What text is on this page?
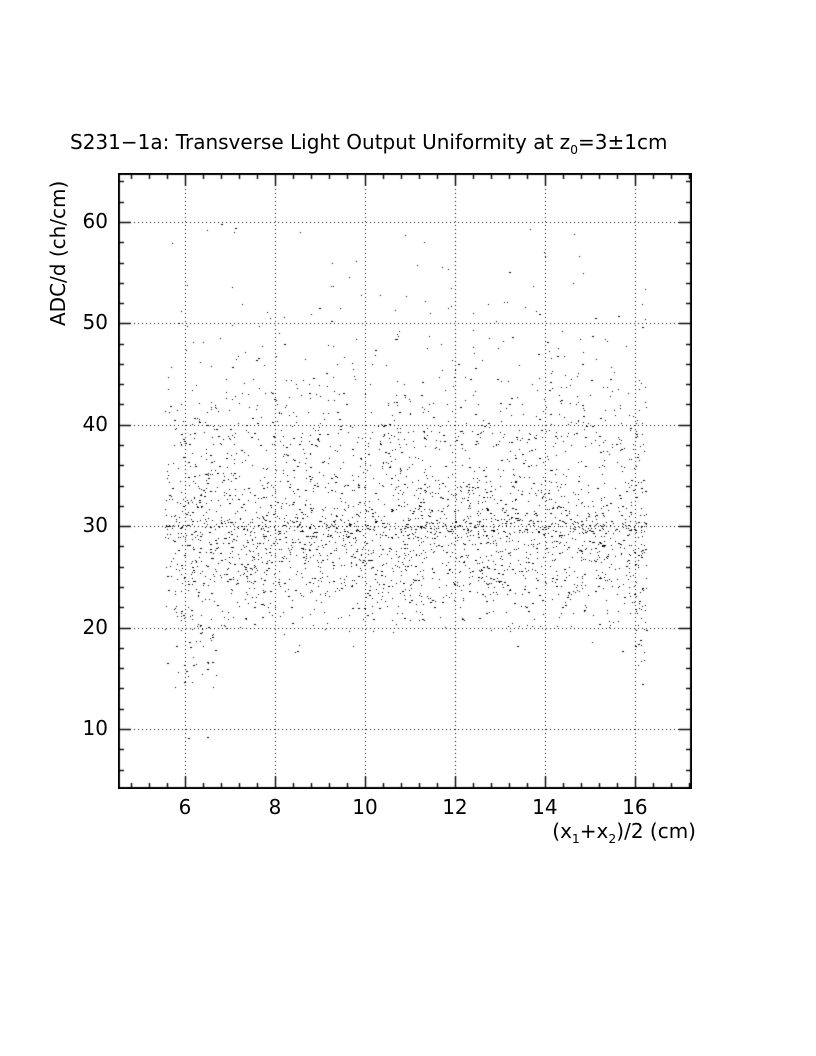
S231−1a: Transverse Light Output Uniformity at $z_0=3\pm 1cm$
ADC/d (ch/cm)
6	8	10	12	14	16
10
20
30
40
50
60
$(x_1+x_2)/2$ (cm)
